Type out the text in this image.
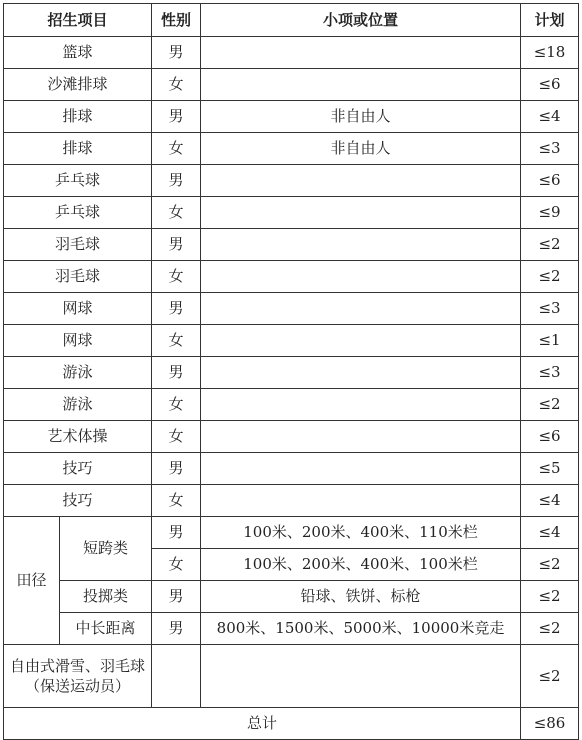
招生项目		性别	小项或位置	计划
篮球		男		≤18
沙滩排球		女		≤6
排球		男	非自由人	≤4
排球		女	非自由人	≤3
乒乓球		男		≤6
乒乓球		女		≤9
羽毛球		男		≤2
羽毛球		女		≤2
网球		男		≤3
网球		女		≤1
游泳		男		≤3
游泳		女		≤2
艺术体操		女		≤6
技巧		男		≤5
技巧		女		≤4
田径	短跨类	男	100米、200米、400米、110米栏	≤4
		女	100米、200米、400米、100米栏	≤2
	投掷类	男	铅球、铁饼、标枪	≤2
	中长距离	男	800米、1500米、5000米、10000米竞走	≤2
自由式滑雪、羽毛球（保送运动员）				≤2
总计				≤86
